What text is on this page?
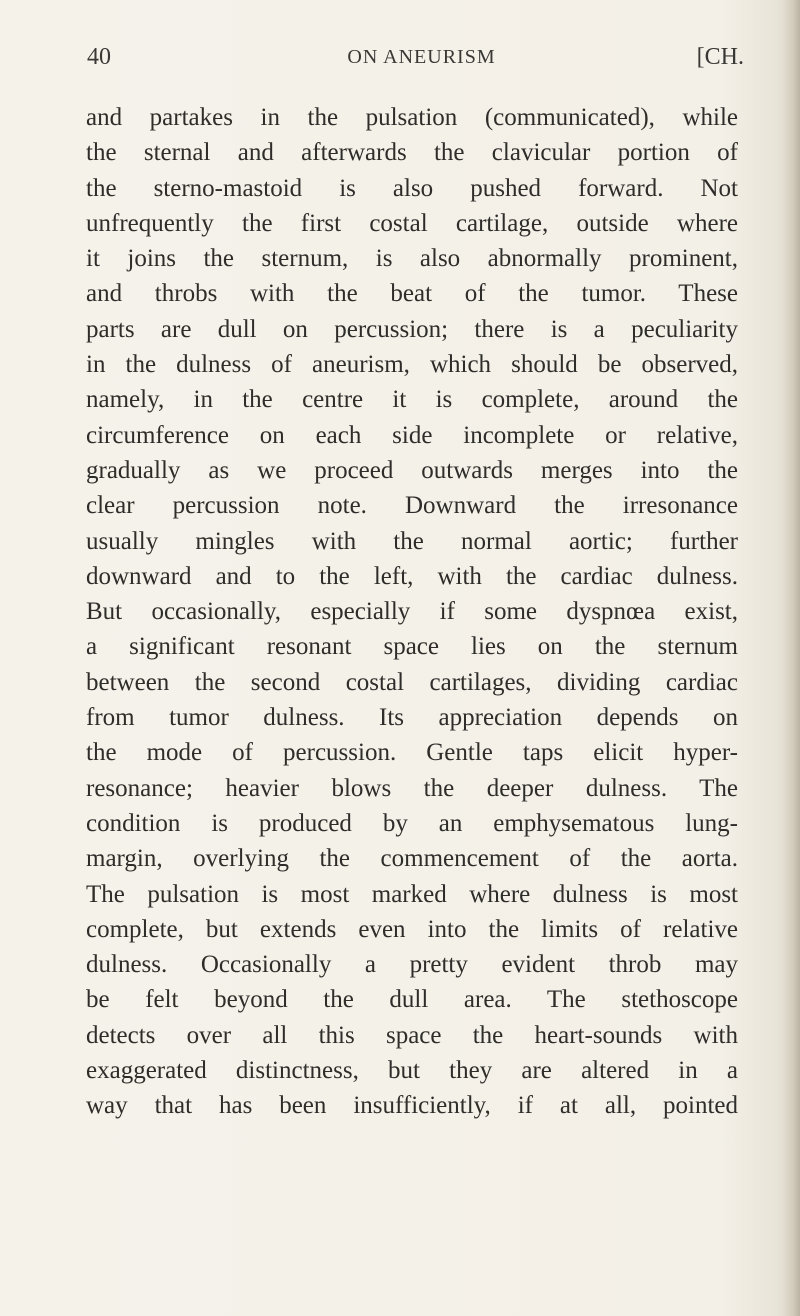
40	ON ANEURISM	[CH.
and partakes in the pulsation (communicated), while
the sternal and afterwards the clavicular portion of
the sterno-mastoid is also pushed forward. Not
unfrequently the first costal cartilage, outside where
it joins the sternum, is also abnormally prominent,
and throbs with the beat of the tumor. These
parts are dull on percussion; there is a peculiarity
in the dulness of aneurism, which should be observed,
namely, in the centre it is complete, around the
circumference on each side incomplete or relative,
gradually as we proceed outwards merges into the
clear percussion note. Downward the irresonance
usually mingles with the normal aortic; further
downward and to the left, with the cardiac dulness.
But occasionally, especially if some dyspnœa exist,
a significant resonant space lies on the sternum
between the second costal cartilages, dividing cardiac
from tumor dulness. Its appreciation depends on
the mode of percussion. Gentle taps elicit hyper-
resonance; heavier blows the deeper dulness. The
condition is produced by an emphysematous lung-
margin, overlying the commencement of the aorta.
The pulsation is most marked where dulness is most
complete, but extends even into the limits of relative
dulness. Occasionally a pretty evident throb may
be felt beyond the dull area. The stethoscope
detects over all this space the heart-sounds with
exaggerated distinctness, but they are altered in a
way that has been insufficiently, if at all, pointed
